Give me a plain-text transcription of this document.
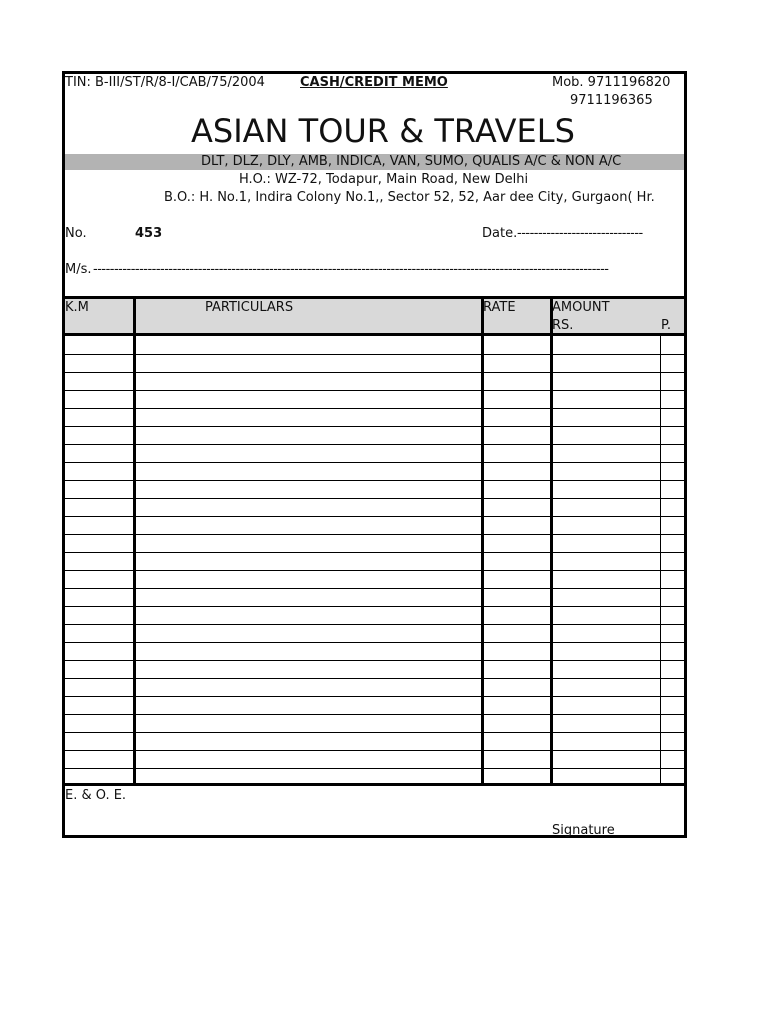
TIN: B-III/ST/R/8-I/CAB/75/2004	CASH/CREDIT MEMO	Mob. 9711196820
9711196365
ASIAN TOUR & TRAVELS
DLT, DLZ, DLY, AMB, INDICA, VAN, SUMO, QUALIS A/C & NON A/C
H.O.: WZ-72, Todapur, Main Road, New Delhi
B.O.: H. No.1, Indira Colony No.1,, Sector 52, 52, Aar dee City, Gurgaon( Hr.
No.	453	Date. ------------------------------
M/s. ---------------------------------------------------------------------------------------------------------------------------
K.M	PARTICULARS	RATE	AMOUNT
RS.	P.
E. & O. E.
Signature
